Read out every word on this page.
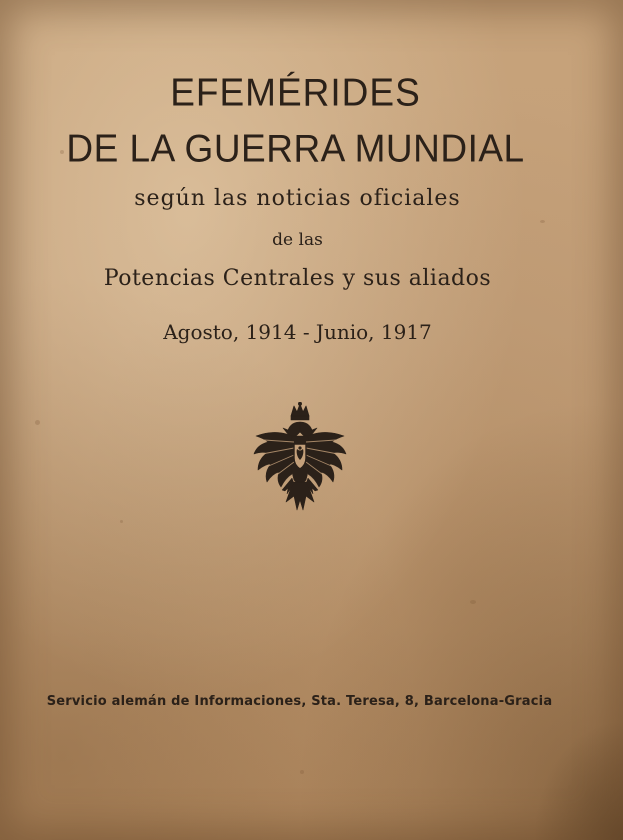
EFEMÉRIDES
DE LA GUERRA MUNDIAL
según las noticias oficiales
de las
Potencias Centrales y sus aliados
Agosto, 1914 - Junio, 1917
Servicio alemán de Informaciones, Sta. Teresa, 8, Barcelona-Gracia
